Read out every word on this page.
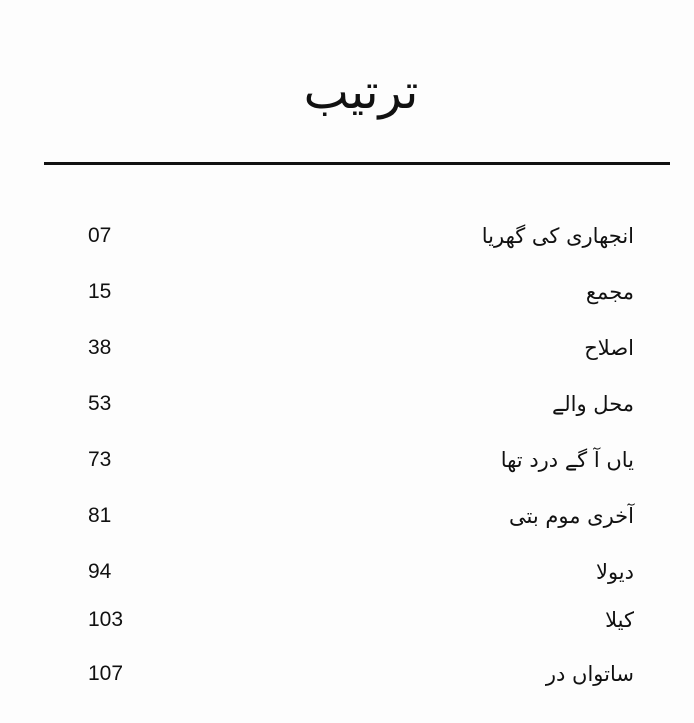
ترتیب
07	انجھاری کی گھریا
15	مجمع
38	اصلاح
53	محل والے
73	یاں آ گے درد تھا
81	آخری موم بتی
94	دیولا
103	کیلا
107	ساتواں در
